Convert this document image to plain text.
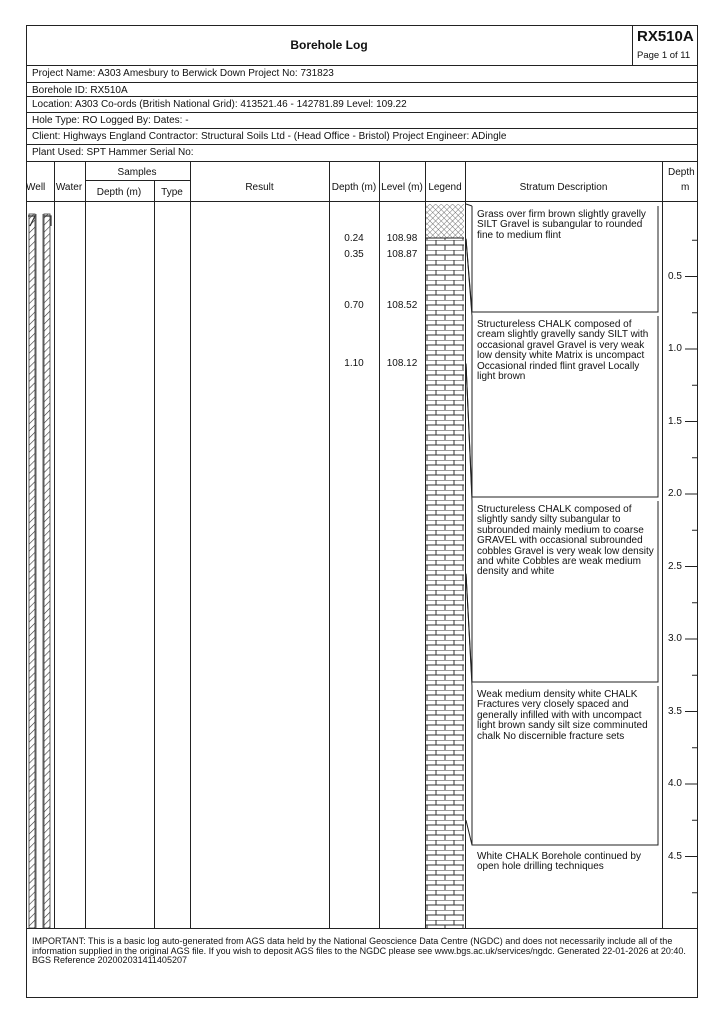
Borehole Log	RX510A
Page 1 of 11
Project Name: A303 Amesbury to Berwick Down Project No: 731823
Borehole ID: RX510A
Location: A303 Co-ords (British National Grid): 413521.46 - 142781.89 Level: 109.22
Hole Type: RO Logged By: Dates: -
Client: Highways England Contractor: Structural Soils Ltd - (Head Office - Bristol) Project Engineer: ADingle
Plant Used: SPT Hammer Serial No:
Samples
Well Water	Depth (m)	Type	Result	Depth (m) Level (m) Legend	Stratum Description
Depth
m
0.24	108.98
0.35	108.87
0.70	108.52
1.10	108.12
Grass over firm brown slightly gravelly SILT Gravel is subangular to rounded fine to medium flint
Structureless CHALK composed of cream slightly gravelly sandy SILT with occasional gravel Gravel is very weak low density white Matrix is uncompact Occasional rinded flint gravel Locally light brown
Structureless CHALK composed of slightly sandy silty subangular to subrounded mainly medium to coarse GRAVEL with occasional subrounded cobbles Gravel is very weak low density and white Cobbles are weak medium density and white
Weak medium density white CHALK Fractures very closely spaced and generally infilled with with uncompact light brown sandy silt size comminuted chalk No discernible fracture sets
White CHALK Borehole continued by open hole drilling techniques
0.5
1.0
1.5
2.0
2.5
3.0
3.5
4.0
4.5
IMPORTANT: This is a basic log auto-generated from AGS data held by the National Geoscience Data Centre (NGDC) and does not necessarily include all of the information supplied in the original AGS file. If you wish to deposit AGS files to the NGDC please see www.bgs.ac.uk/services/ngdc. Generated 22-01-2026 at 20:40. BGS Reference 20200203141140520​7
